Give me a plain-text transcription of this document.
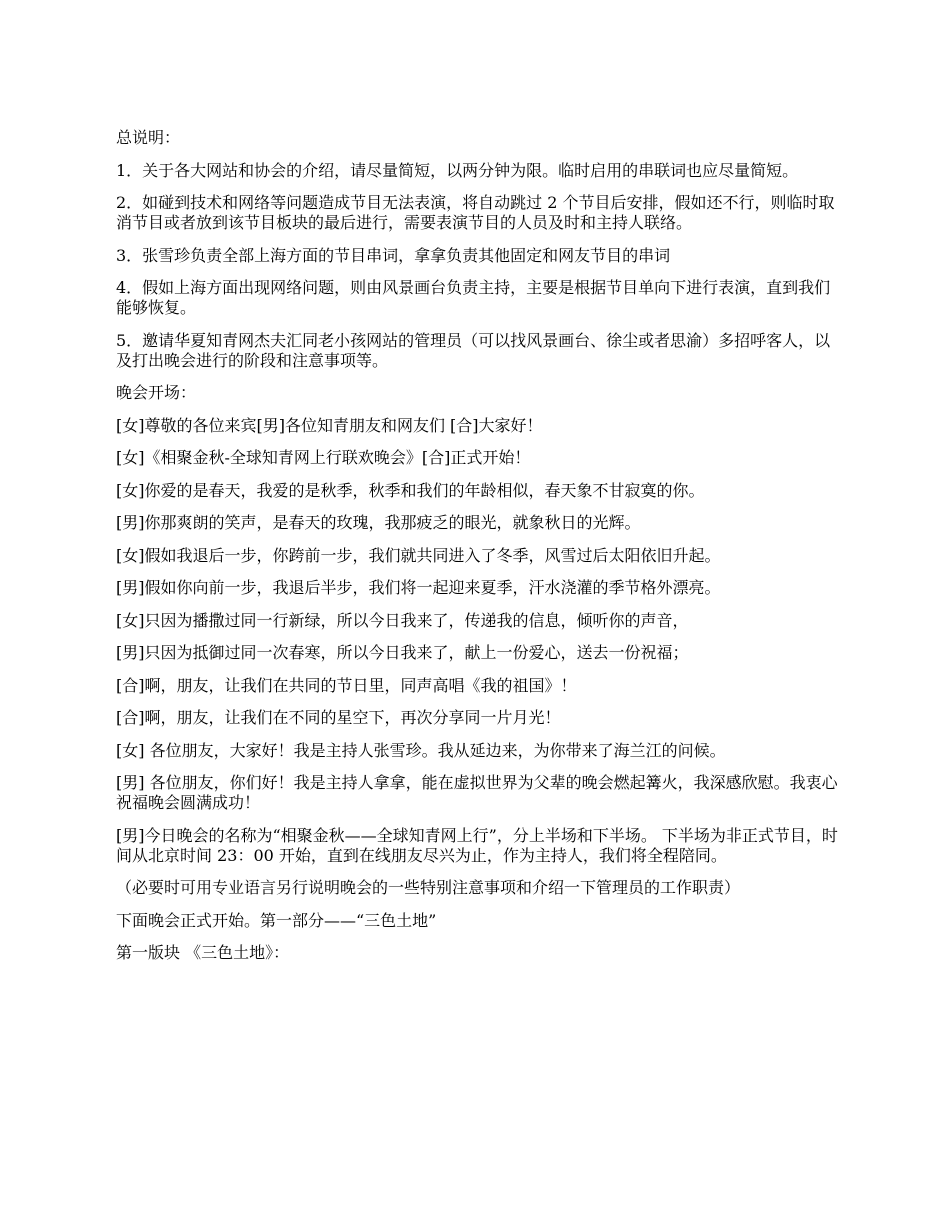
总说明：

1．关于各大网站和协会的介绍，请尽量简短，以两分钟为限。临时启用的串联词也应尽量简短。

2．如碰到技术和网络等问题造成节目无法表演，将自动跳过 2 个节目后安排，假如还不行，则临时取消节目或者放到该节目板块的最后进行，需要表演节目的人员及时和主持人联络。

3．张雪珍负责全部上海方面的节目串词，拿拿负责其他固定和网友节目的串词

4．假如上海方面出现网络问题，则由风景画台负责主持，主要是根据节目单向下进行表演，直到我们能够恢复。

5．邀请华夏知青网杰夫汇同老小孩网站的管理员（可以找风景画台、徐尘或者思渝）多招呼客人，以及打出晚会进行的阶段和注意事项等。

晚会开场：

[女]尊敬的各位来宾[男]各位知青朋友和网友们 [合]大家好！

[女]《相聚金秋-全球知青网上行联欢晚会》[合]正式开始！

[女]你爱的是春天，我爱的是秋季，秋季和我们的年龄相似，春天象不甘寂寞的你。

[男]你那爽朗的笑声，是春天的玫瑰，我那疲乏的眼光，就象秋日的光辉。

[女]假如我退后一步，你跨前一步，我们就共同进入了冬季，风雪过后太阳依旧升起。

[男]假如你向前一步，我退后半步，我们将一起迎来夏季，汗水浇灌的季节格外漂亮。

[女]只因为播撒过同一行新绿，所以今日我来了，传递我的信息，倾听你的声音，

[男]只因为抵御过同一次春寒，所以今日我来了，献上一份爱心，送去一份祝福；

[合]啊，朋友，让我们在共同的节日里，同声高唱《我的祖国》！

[合]啊，朋友，让我们在不同的星空下，再次分享同一片月光！

[女] 各位朋友，大家好！我是主持人张雪珍。我从延边来，为你带来了海兰江的问候。

[男] 各位朋友，你们好！我是主持人拿拿，能在虚拟世界为父辈的晚会燃起篝火，我深感欣慰。我衷心祝福晚会圆满成功！

[男]今日晚会的名称为“相聚金秋——全球知青网上行”，分上半场和下半场。 下半场为非正式节目，时间从北京时间 23：00 开始，直到在线朋友尽兴为止，作为主持人，我们将全程陪同。

（必要时可用专业语言另行说明晚会的一些特别注意事项和介绍一下管理员的工作职责）

下面晚会正式开始。第一部分——“三色土地”

第一版块 《三色土地》：
